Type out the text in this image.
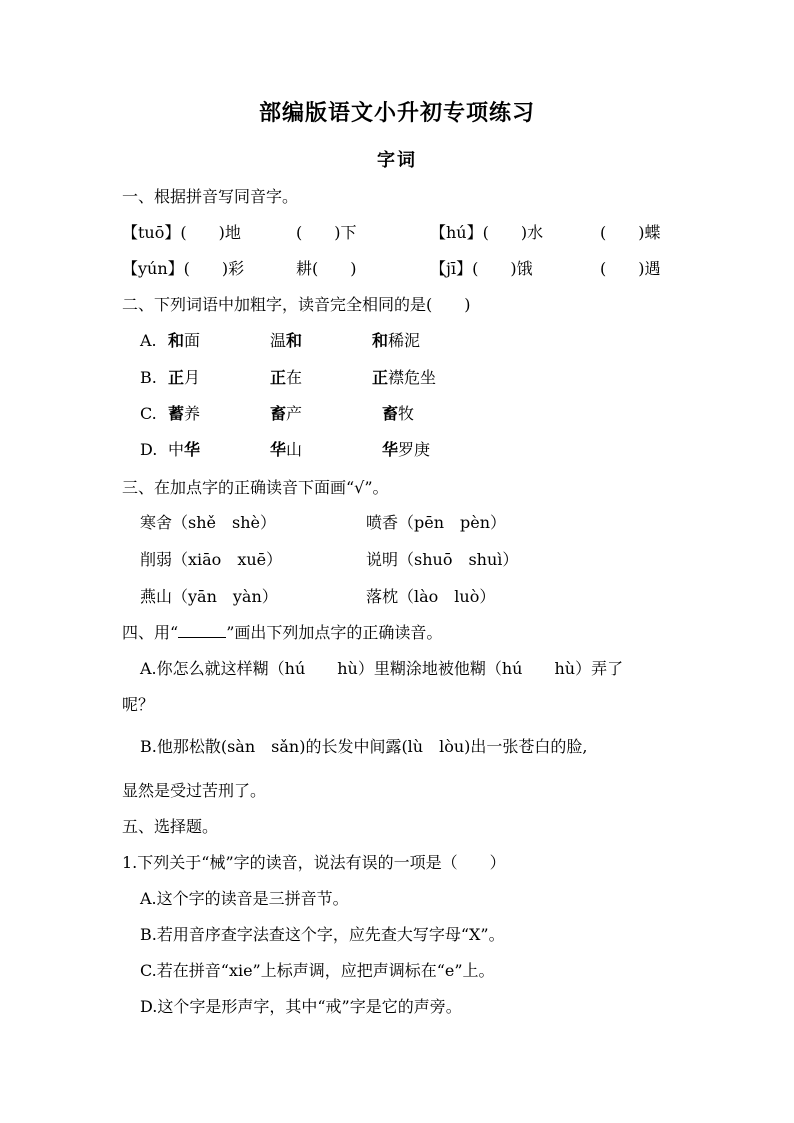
部编版语文小升初专项练习
字词
一、根据拼音写同音字。
【tuō】(　　)地	(　　)下	【hú】(　　)水	(　　)蝶
【yún】(　　)彩	耕(　　)	【jī】(　　)饿	(　　)遇
二、下列词语中加粗字，读音完全相同的是(　　)
A. 和面	温和	和稀泥
B. 正月	正在	正襟危坐
C. 蓄养	畜产	畜牧
D. 中华	华山	华罗庚
三、在加点字的正确读音下面画“√”。
寒舍（shě　shè）	喷香（pēn　pèn）
削弱（xiāo　xuē）	说明（shuō　shuì）
燕山（yān　yàn）	落枕（lào　luò）
四、用“	”画出下列加点字的正确读音。
A.你怎么就这样糊（hú　　hù）里糊涂地被他糊（hú　　hù）弄了
呢？
B.他那松散(sàn　sǎn)的长发中间露(lù　lòu)出一张苍白的脸,
显然是受过苦刑了。
五、选择题。
1.下列关于“械”字的读音，说法有误的一项是（　　）
A.这个字的读音是三拼音节。
B.若用音序查字法查这个字，应先查大写字母“X”。
C.若在拼音“xie”上标声调，应把声调标在“e”上。
D.这个字是形声字，其中“戒”字是它的声旁。
